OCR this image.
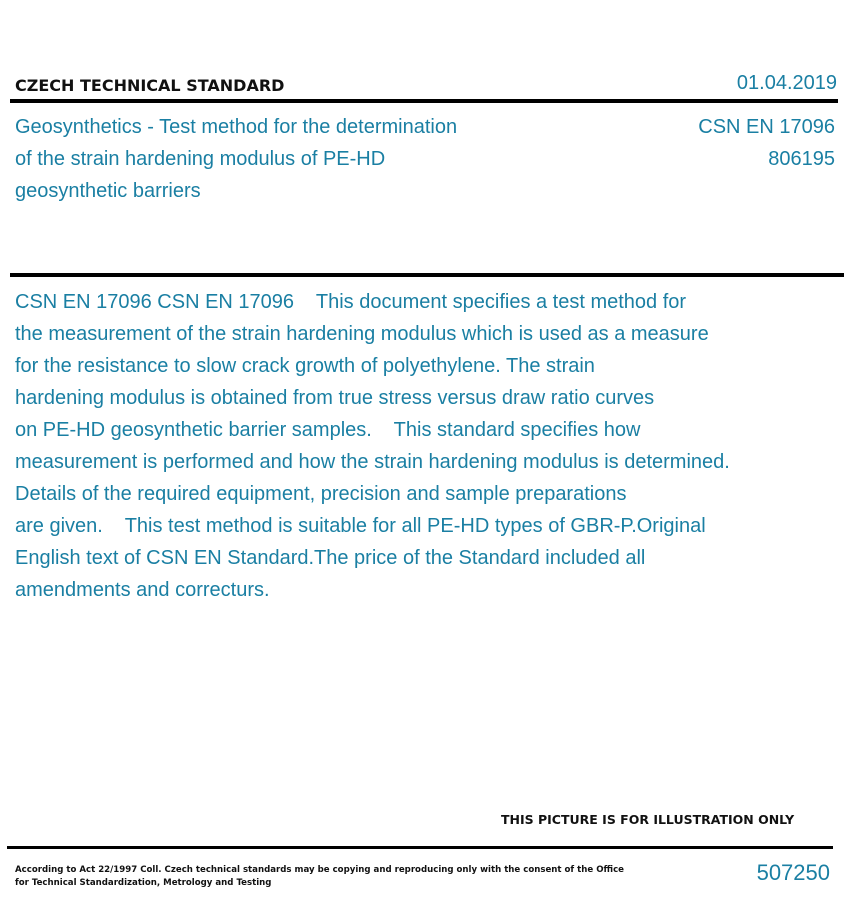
CZECH TECHNICAL STANDARD	01.04.2019
Geosynthetics - Test method for the determination
of the strain hardening modulus of PE-HD
geosynthetic barriers
CSN EN 17096
806195
CSN EN 17096 CSN EN 17096    This document specifies a test method for
the measurement of the strain hardening modulus which is used as a measure
for the resistance to slow crack growth of polyethylene. The strain
hardening modulus is obtained from true stress versus draw ratio curves
on PE-HD geosynthetic barrier samples.    This standard specifies how
measurement is performed and how the strain hardening modulus is determined.
Details of the required equipment, precision and sample preparations
are given.    This test method is suitable for all PE-HD types of GBR-P.Original
English text of CSN EN Standard.The price of the Standard included all
amendments and correcturs.
THIS PICTURE IS FOR ILLUSTRATION ONLY
According to Act 22/1997 Coll. Czech technical standards may be copying and reproducing only with the consent of the Office
for Technical Standardization, Metrology and Testing	507250
